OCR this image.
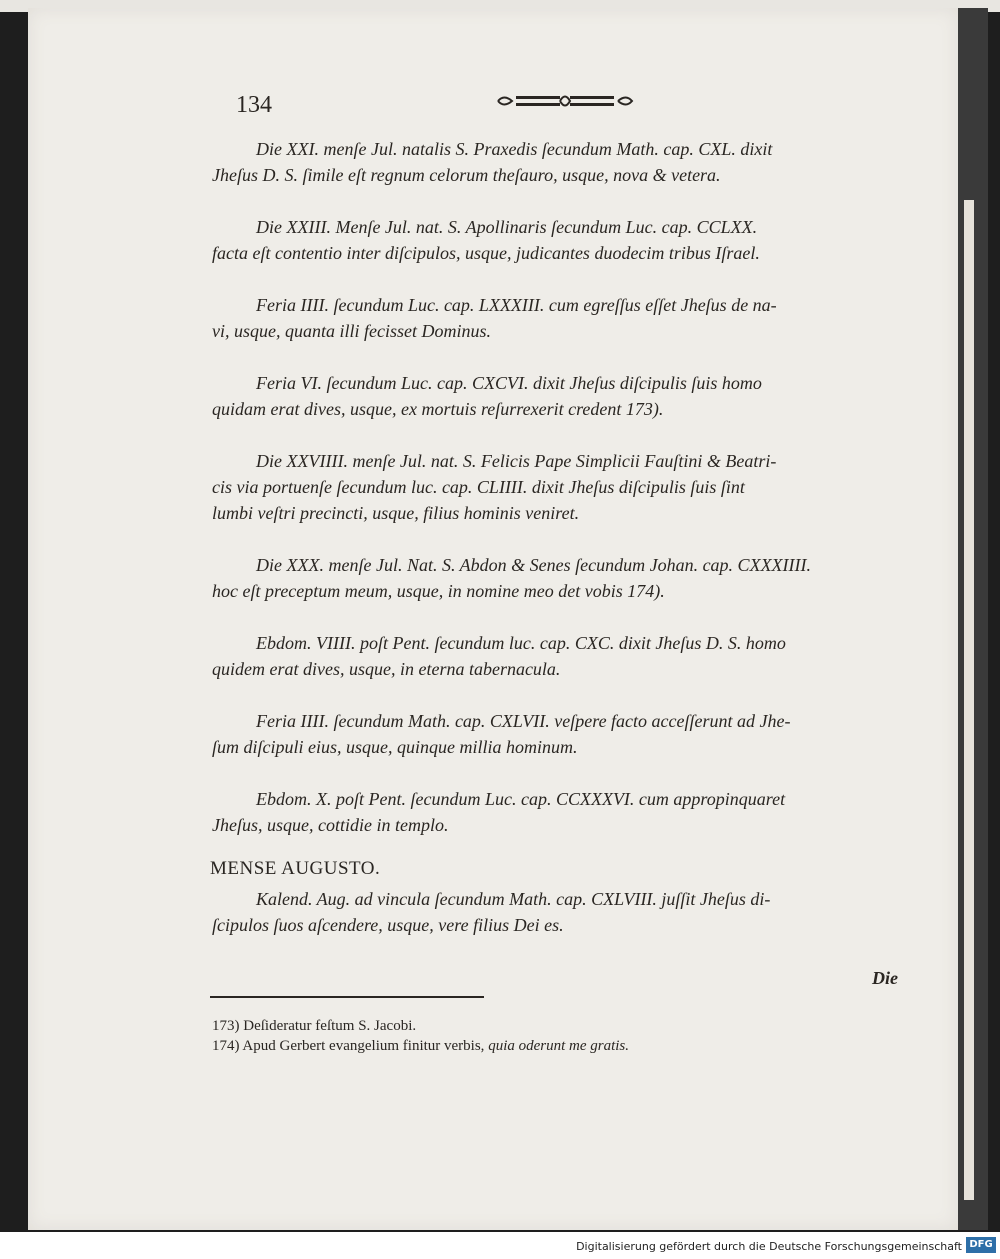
134
Die XXI. menſe Jul. natalis S. Praxedis ſecundum Math. cap. CXL. dixit
Jheſus D. S. ſimile eſt regnum celorum theſauro, usque, nova & vetera.
Die XXIII. Menſe Jul. nat. S. Apollinaris ſecundum Luc. cap. CCLXX.
facta eſt contentio inter diſcipulos, usque, judicantes duodecim tribus Iſrael.
Feria IIII. ſecundum Luc. cap. LXXXIII. cum egreſſus eſſet Jheſus de na-
vi, usque, quanta illi fecisset Dominus.
Feria VI. ſecundum Luc. cap. CXCVI. dixit Jheſus diſcipulis ſuis homo
quidam erat dives, usque, ex mortuis reſurrexerit credent 173).
Die XXVIIII. menſe Jul. nat. S. Felicis Pape Simplicii Fauſtini & Beatri-
cis via portuenſe ſecundum luc. cap. CLIIII. dixit Jheſus diſcipulis ſuis ſint
lumbi veſtri precincti, usque, filius hominis veniret.
Die XXX. menſe Jul. Nat. S. Abdon & Senes ſecundum Johan. cap. CXXXIIII.
hoc eſt preceptum meum, usque, in nomine meo det vobis 174).
Ebdom. VIIII. poſt Pent. ſecundum luc. cap. CXC. dixit Jheſus D. S. homo
quidem erat dives, usque, in eterna tabernacula.
Feria IIII. ſecundum Math. cap. CXLVII. veſpere facto acceſſerunt ad Jhe-
ſum diſcipuli eius, usque, quinque millia hominum.
Ebdom. X. poſt Pent. ſecundum Luc. cap. CCXXXVI. cum appropinquaret
Jheſus, usque, cottidie in templo.
MENSE AUGUSTO.
Kalend. Aug. ad vincula ſecundum Math. cap. CXLVIII. juſſit Jheſus di-
ſcipulos ſuos aſcendere, usque, vere filius Dei es.
Die
173) Deſideratur feſtum S. Jacobi.
174) Apud Gerbert evangelium finitur verbis, quia oderunt me gratis.
Digitalisierung gefördert durch die Deutsche Forschungsgemeinschaft DFG
